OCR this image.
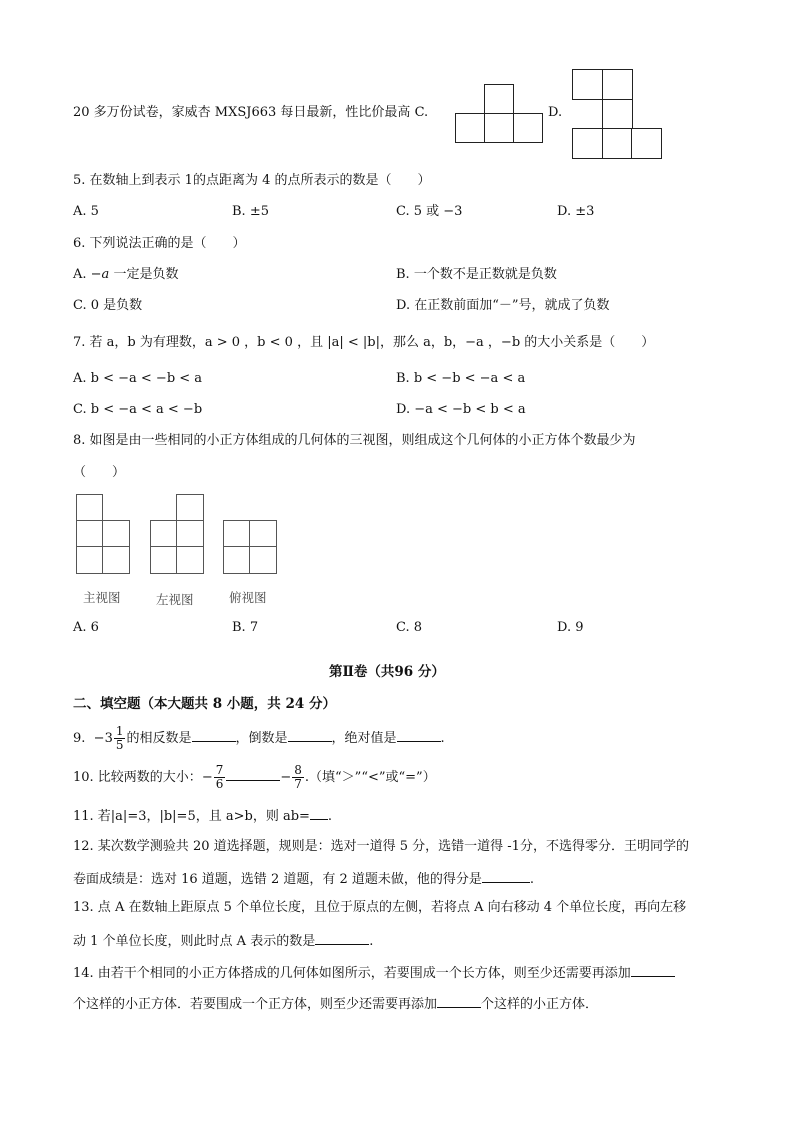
20 多万份试卷，家威杏 MXSJ663 每日最新，性比价最高 C.	D.
5. 在数轴上到表示 1的点距离为 4 的点所表示的数是（　　）
A. 5	B. ±5	C. 5 或 −3	D. ±3
6. 下列说法正确的是（　　）
A. −a 一定是负数	B. 一个数不是正数就是负数
C. 0 是负数	D. 在正数前面加“－”号，就成了负数
7. 若 a，b 为有理数，a > 0 ，b < 0 ，且 |a| < |b|，那么 a，b，−a ，−b 的大小关系是（　　）
A. b < −a < −b < a	B. b < −b < −a < a
C. b < −a < a < −b	D. −a < −b < b < a
8. 如图是由一些相同的小正方体组成的几何体的三视图，则组成这个几何体的小正方体个数最少为
（　　）
主视图	左视图	俯视图
A. 6	B. 7	C. 8	D. 9
第Ⅱ卷（共96 分）
二、填空题（本大题共 8 小题，共 24 分）
9. $-3 \frac{1}{5}$ 的相反数是	，倒数是	，绝对值是	.
10. 比较两数的大小：− $\frac{7}{6}$	− $\frac{8}{7}$ .（填“＞”“<”或“=”）
11. 若|a|=3，|b|=5，且 a>b，则 ab= .
12. 某次数学测验共 20 道选择题，规则是：选对一道得 5 分，选错一道得 -1分，不选得零分．王明同学的
卷面成绩是：选对 16 道题，选错 2 道题，有 2 道题未做，他的得分是	.
13. 点 A 在数轴上距原点 5 个单位长度，且位于原点的左侧，若将点 A 向右移动 4 个单位长度，再向左移
动 1 个单位长度，则此时点 A 表示的数是	.
14. 由若干个相同的小正方体搭成的几何体如图所示，若要围成一个长方体，则至少还需要再添加
个这样的小正方体．若要围成一个正方体，则至少还需要再添加	个这样的小正方体．
